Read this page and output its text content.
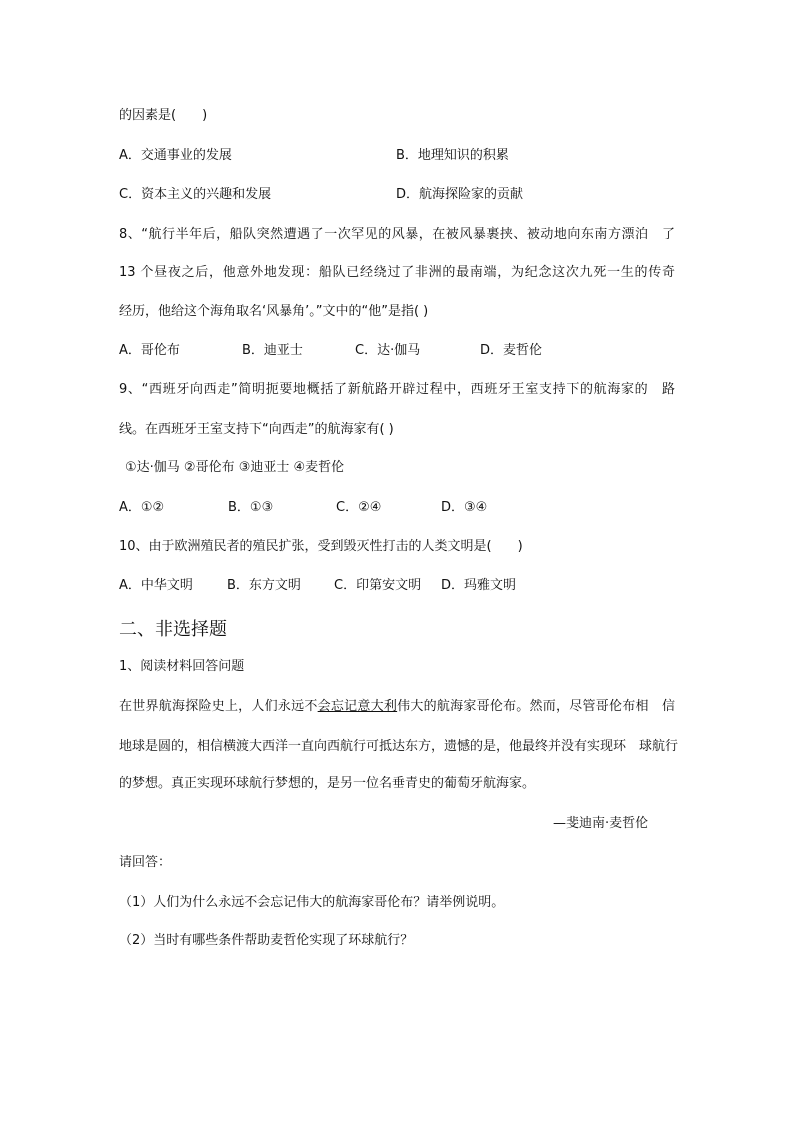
的因素是(　　)
A．交通事业的发展	B．地理知识的积累
C．资本主义的兴趣和发展	D．航海探险家的贡献
8、“航行半年后，船队突然遭遇了一次罕见的风暴，在被风暴裹挟、被动地向东南方漂泊　了
13 个昼夜之后，他意外地发现：船队已经绕过了非洲的最南端，为纪念这次九死一生的传奇
经历，他给这个海角取名‘风暴角’。”文中的“他”是指( )
A．哥伦布	B．迪亚士	C．达·伽马	D．麦哲伦
9、“西班牙向西走”简明扼要地概括了新航路开辟过程中，西班牙王室支持下的航海家的　路
线。在西班牙王室支持下“向西走”的航海家有( )
①达·伽马 ②哥伦布 ③迪亚士 ④麦哲伦
A．①②	B．①③	C．②④	D．③④
10、由于欧洲殖民者的殖民扩张，受到毁灭性打击的人类文明是(　　)
A．中华文明	B．东方文明	C．印第安文明 D．玛雅文明
二、非选择题
1、阅读材料回答问题
在世界航海探险史上，人们永远不会忘记意大利伟大的航海家哥伦布。然而，尽管哥伦布相　信
地球是圆的，相信横渡大西洋一直向西航行可抵达东方，遗憾的是，他最终并没有实现环　球航行
的梦想。真正实现环球航行梦想的，是另一位名垂青史的葡萄牙航海家。
—斐迪南·麦哲伦
请回答：
（1）人们为什么永远不会忘记伟大的航海家哥伦布？请举例说明。
（2）当时有哪些条件帮助麦哲伦实现了环球航行？
